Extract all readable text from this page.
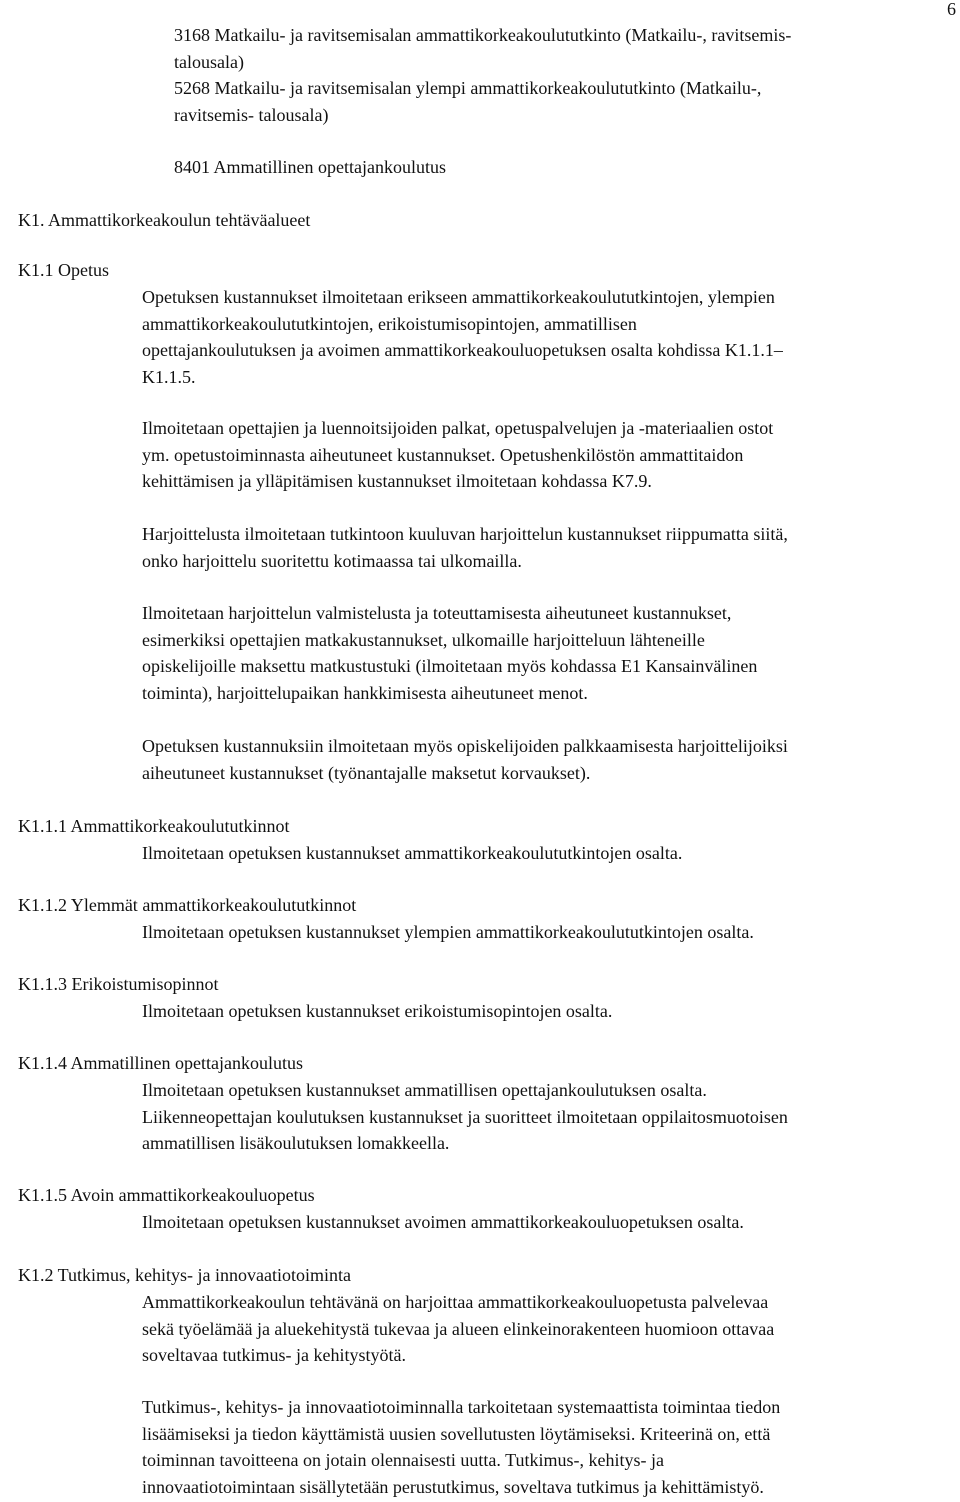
6
3168 Matkailu- ja ravitsemisalan ammattikorkeakoulututkinto (Matkailu-, ravitsemis-
talousala)
5268 Matkailu- ja ravitsemisalan ylempi ammattikorkeakoulututkinto (Matkailu-,
ravitsemis- talousala)
8401 Ammatillinen opettajankoulutus
K1. Ammattikorkeakoulun tehtäväalueet
K1.1 Opetus
Opetuksen kustannukset ilmoitetaan erikseen ammattikorkeakoulututkintojen, ylempien
ammattikorkeakoulututkintojen, erikoistumisopintojen, ammatillisen
opettajankoulutuksen ja avoimen ammattikorkeakouluopetuksen osalta kohdissa K1.1.1–
K1.1.5.
Ilmoitetaan opettajien ja luennoitsijoiden palkat, opetuspalvelujen ja -materiaalien ostot
ym. opetustoiminnasta aiheutuneet kustannukset. Opetushenkilöstön ammattitaidon
kehittämisen ja ylläpitämisen kustannukset ilmoitetaan kohdassa K7.9.
Harjoittelusta ilmoitetaan tutkintoon kuuluvan harjoittelun kustannukset riippumatta siitä,
onko harjoittelu suoritettu kotimaassa tai ulkomailla.
Ilmoitetaan harjoittelun valmistelusta ja toteuttamisesta aiheutuneet kustannukset,
esimerkiksi opettajien matkakustannukset, ulkomaille harjoitteluun lähteneille
opiskelijoille maksettu matkustustuki (ilmoitetaan myös kohdassa E1 Kansainvälinen
toiminta), harjoittelupaikan hankkimisesta aiheutuneet menot.
Opetuksen kustannuksiin ilmoitetaan myös opiskelijoiden palkkaamisesta harjoittelijoiksi
aiheutuneet kustannukset (työnantajalle maksetut korvaukset).
K1.1.1 Ammattikorkeakoulututkinnot
Ilmoitetaan opetuksen kustannukset ammattikorkeakoulututkintojen osalta.
K1.1.2 Ylemmät ammattikorkeakoulututkinnot
Ilmoitetaan opetuksen kustannukset ylempien ammattikorkeakoulututkintojen osalta.
K1.1.3 Erikoistumisopinnot
Ilmoitetaan opetuksen kustannukset erikoistumisopintojen osalta.
K1.1.4 Ammatillinen opettajankoulutus
Ilmoitetaan opetuksen kustannukset ammatillisen opettajankoulutuksen osalta.
Liikenneopettajan koulutuksen kustannukset ja suoritteet ilmoitetaan oppilaitosmuotoisen
ammatillisen lisäkoulutuksen lomakkeella.
K1.1.5 Avoin ammattikorkeakouluopetus
Ilmoitetaan opetuksen kustannukset avoimen ammattikorkeakouluopetuksen osalta.
K1.2 Tutkimus, kehitys- ja innovaatiotoiminta
Ammattikorkeakoulun tehtävänä on harjoittaa ammattikorkeakouluopetusta palvelevaa
sekä työelämää ja aluekehitystä tukevaa ja alueen elinkeinorakenteen huomioon ottavaa
soveltavaa tutkimus- ja kehitystyötä.
Tutkimus-, kehitys- ja innovaatiotoiminnalla tarkoitetaan systemaattista toimintaa tiedon
lisäämiseksi ja tiedon käyttämistä uusien sovellutusten löytämiseksi. Kriteerinä on, että
toiminnan tavoitteena on jotain olennaisesti uutta. Tutkimus-, kehitys- ja
innovaatiotoimintaan sisällytetään perustutkimus, soveltava tutkimus ja kehittämistyö.
